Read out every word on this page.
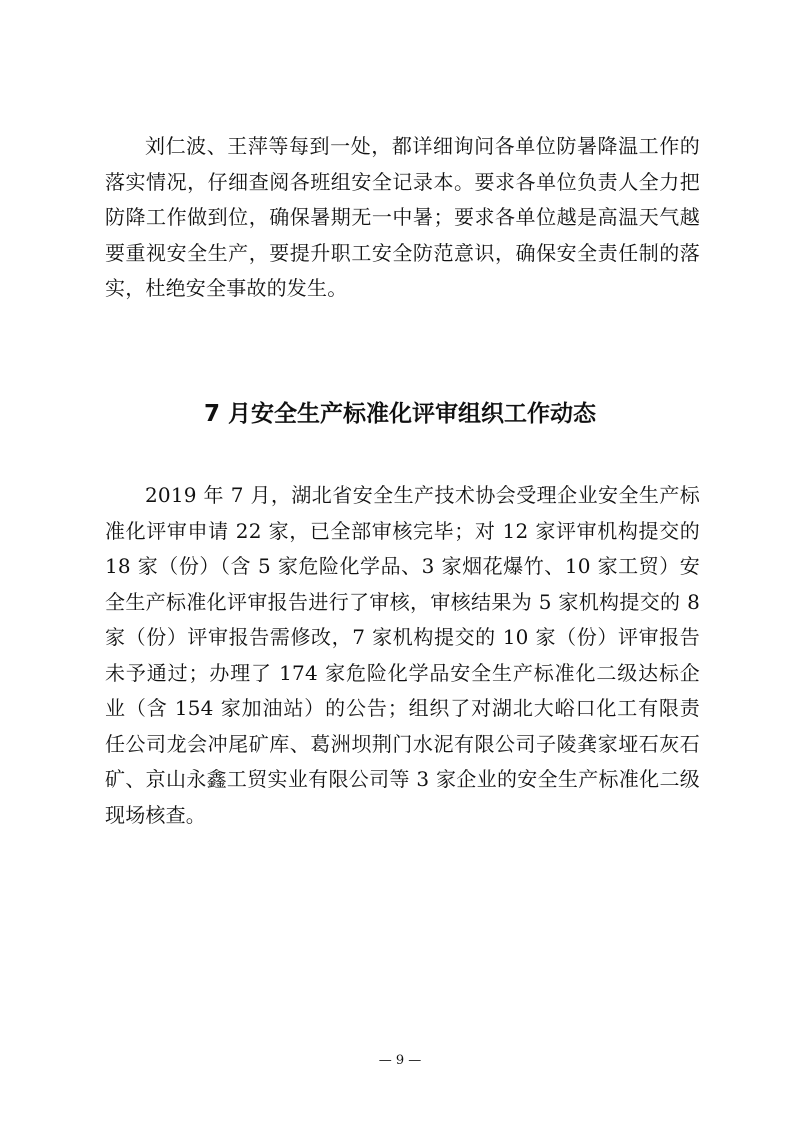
刘仁波、王萍等每到一处，都详细询问各单位防暑降温工作的落实情况，仔细查阅各班组安全记录本。要求各单位负责人全力把防降工作做到位，确保暑期无一中暑；要求各单位越是高温天气越要重视安全生产，要提升职工安全防范意识，确保安全责任制的落实，杜绝安全事故的发生。

7 月安全生产标准化评审组织工作动态

2019 年 7 月，湖北省安全生产技术协会受理企业安全生产标准化评审申请 22 家，已全部审核完毕；对 12 家评审机构提交的 18 家（份）（含 5 家危险化学品、3 家烟花爆竹、10 家工贸）安全生产标准化评审报告进行了审核，审核结果为 5 家机构提交的 8 家（份）评审报告需修改，7 家机构提交的 10 家（份）评审报告未予通过；办理了 174 家危险化学品安全生产标准化二级达标企业（含 154 家加油站）的公告；组织了对湖北大峪口化工有限责任公司龙会冲尾矿库、葛洲坝荆门水泥有限公司子陵龚家垭石灰石矿、京山永鑫工贸实业有限公司等 3 家企业的安全生产标准化二级现场核查。

— 9 —
